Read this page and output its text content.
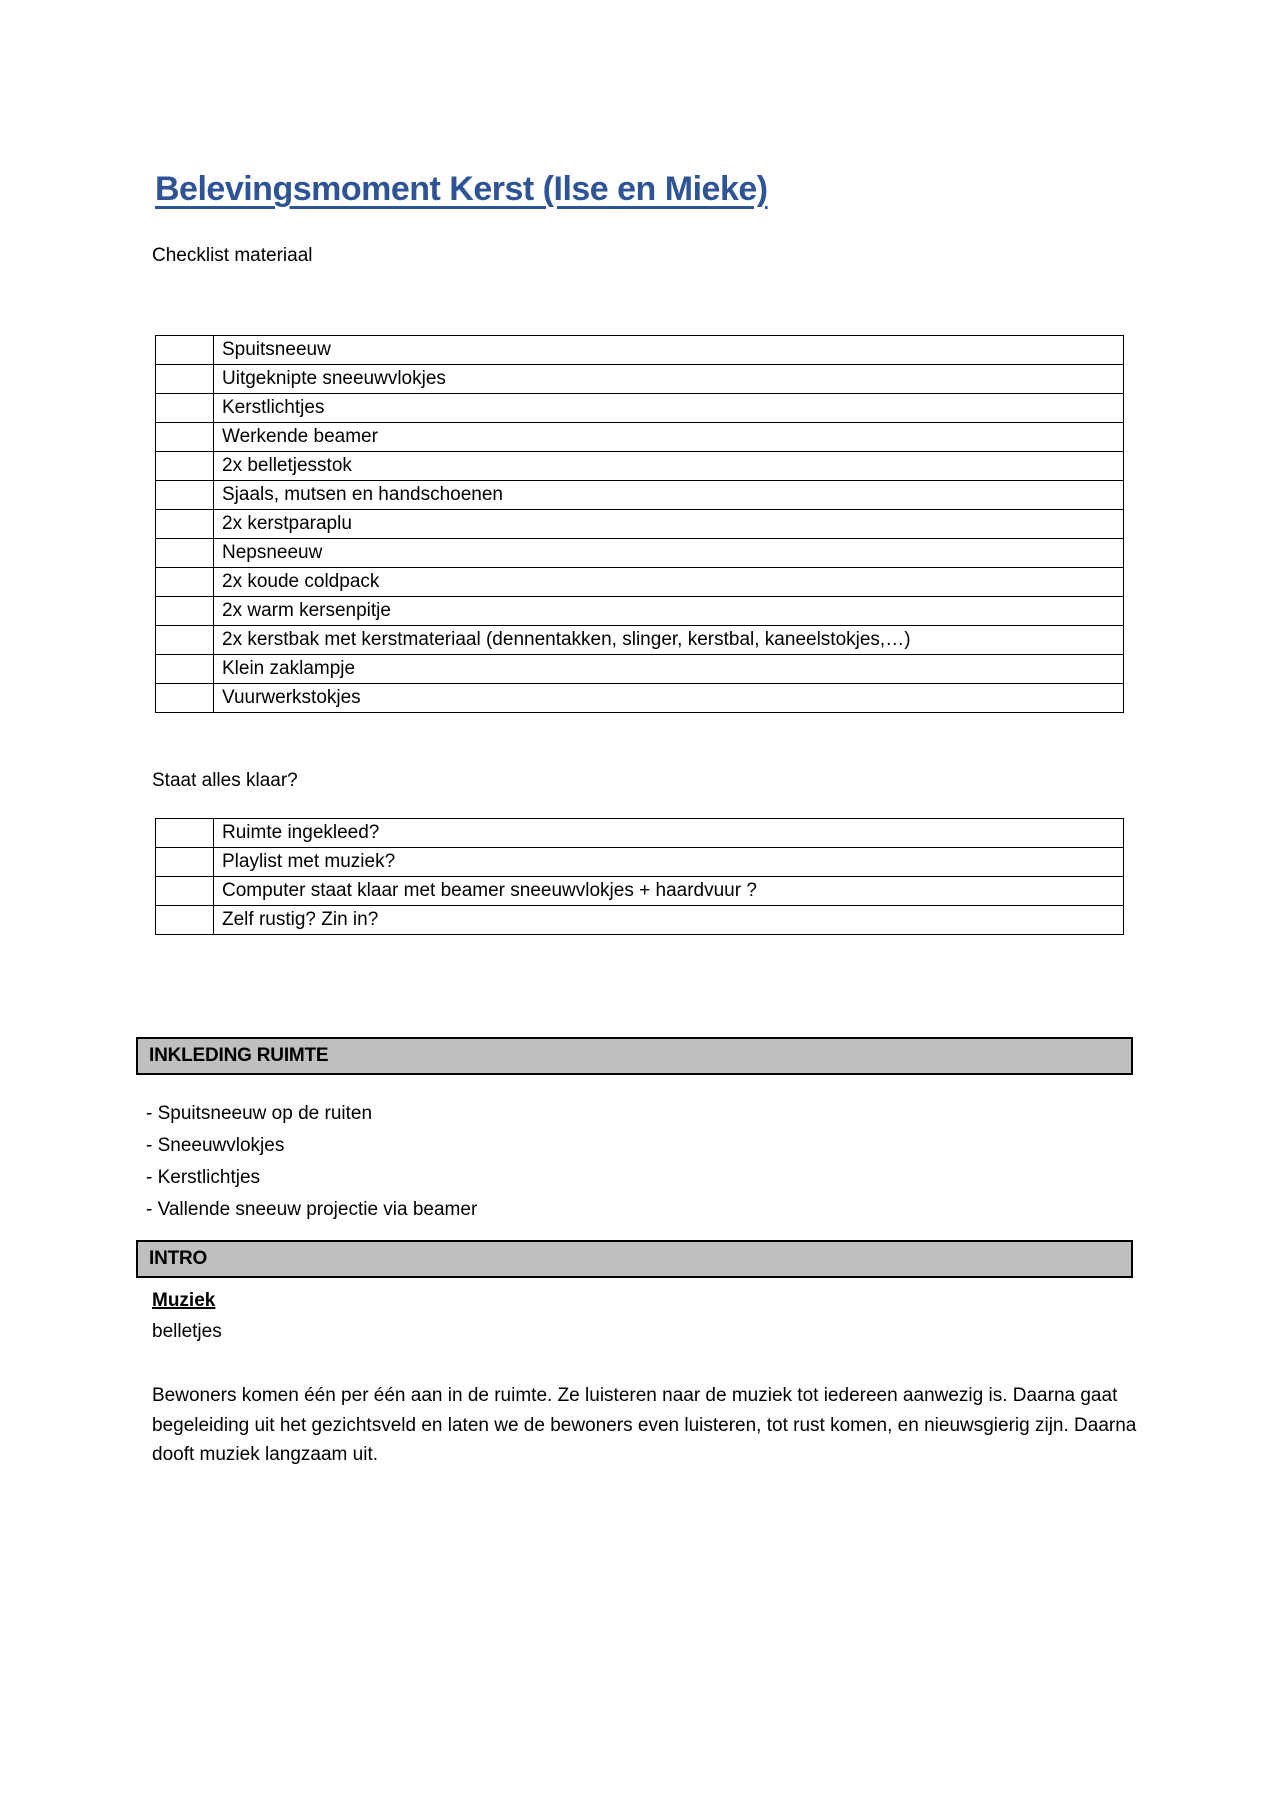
Belevingsmoment Kerst (Ilse en Mieke)

Checklist materiaal

	Spuitsneeuw
	Uitgeknipte sneeuwvlokjes
	Kerstlichtjes
	Werkende beamer
	2x belletjesstok
	Sjaals, mutsen en handschoenen
	2x kerstparaplu
	Nepsneeuw
	2x koude coldpack
	2x warm kersenpitje
	2x kerstbak met kerstmateriaal (dennentakken, slinger, kerstbal, kaneelstokjes,…)
	Klein zaklampje
	Vuurwerkstokjes

Staat alles klaar?

	Ruimte ingekleed?
	Playlist met muziek?
	Computer staat klaar met beamer sneeuwvlokjes + haardvuur ?
	Zelf rustig? Zin in?
INKLEDING RUIMTE
- Spuitsneeuw op de ruiten
- Sneeuwvlokjes
- Kerstlichtjes
- Vallende sneeuw projectie via beamer
INTRO

Muziek

belletjes

Bewoners komen één per één aan in de ruimte. Ze luisteren naar de muziek tot iedereen aanwezig is. Daarna gaat begeleiding uit het gezichtsveld en laten we de bewoners even luisteren, tot rust komen, en nieuwsgierig zijn. Daarna dooft muziek langzaam uit.
